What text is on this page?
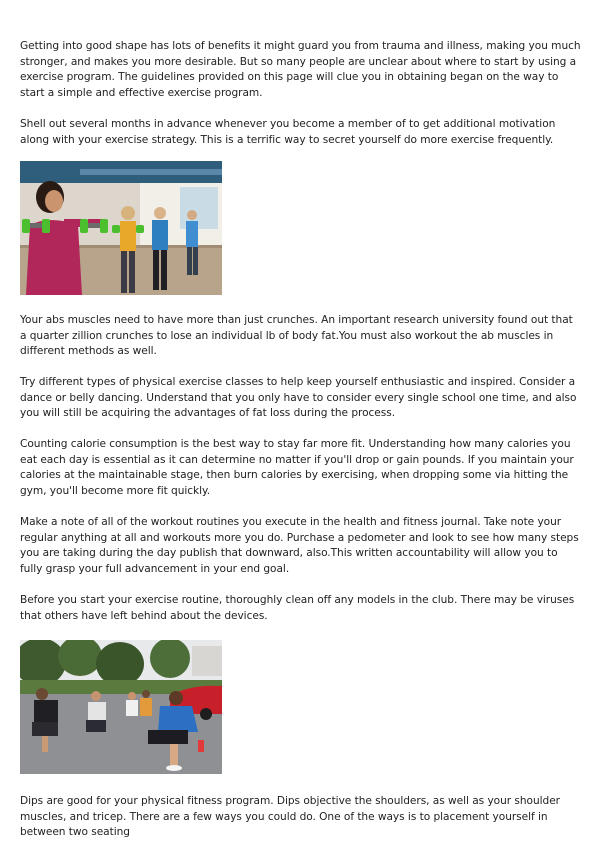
Getting into good shape has lots of benefits it might guard you from trauma and illness, making you much stronger, and makes you more desirable. But so many people are unclear about where to start by using a exercise program. The guidelines provided on this page will clue you in obtaining began on the way to start a simple and effective exercise program.

Shell out several months in advance whenever you become a member of to get additional motivation along with your exercise strategy. This is a terrific way to secret yourself do more exercise frequently.

Your abs muscles need to have more than just crunches. An important research university found out that a quarter zillion crunches to lose an individual lb of body fat.You must also workout the ab muscles in different methods as well.

Try different types of physical exercise classes to help keep yourself enthusiastic and inspired. Consider a dance or belly dancing. Understand that you only have to consider every single school one time, and also you will still be acquiring the advantages of fat loss during the process.

Counting calorie consumption is the best way to stay far more fit. Understanding how many calories you eat each day is essential as it can determine no matter if you'll drop or gain pounds. If you maintain your calories at the maintainable stage, then burn calories by exercising, when dropping some via hitting the gym, you'll become more fit quickly.

Make a note of all of the workout routines you execute in the health and fitness journal. Take note your regular anything at all and workouts more you do. Purchase a pedometer and look to see how many steps you are taking during the day publish that downward, also.This written accountability will allow you to fully grasp your full advancement in your end goal.

Before you start your exercise routine, thoroughly clean off any models in the club. There may be viruses that others have left behind about the devices.

Dips are good for your physical fitness program. Dips objective the shoulders, as well as your shoulder muscles, and tricep. There are a few ways you could do. One of the ways is to placement yourself in between two seating
